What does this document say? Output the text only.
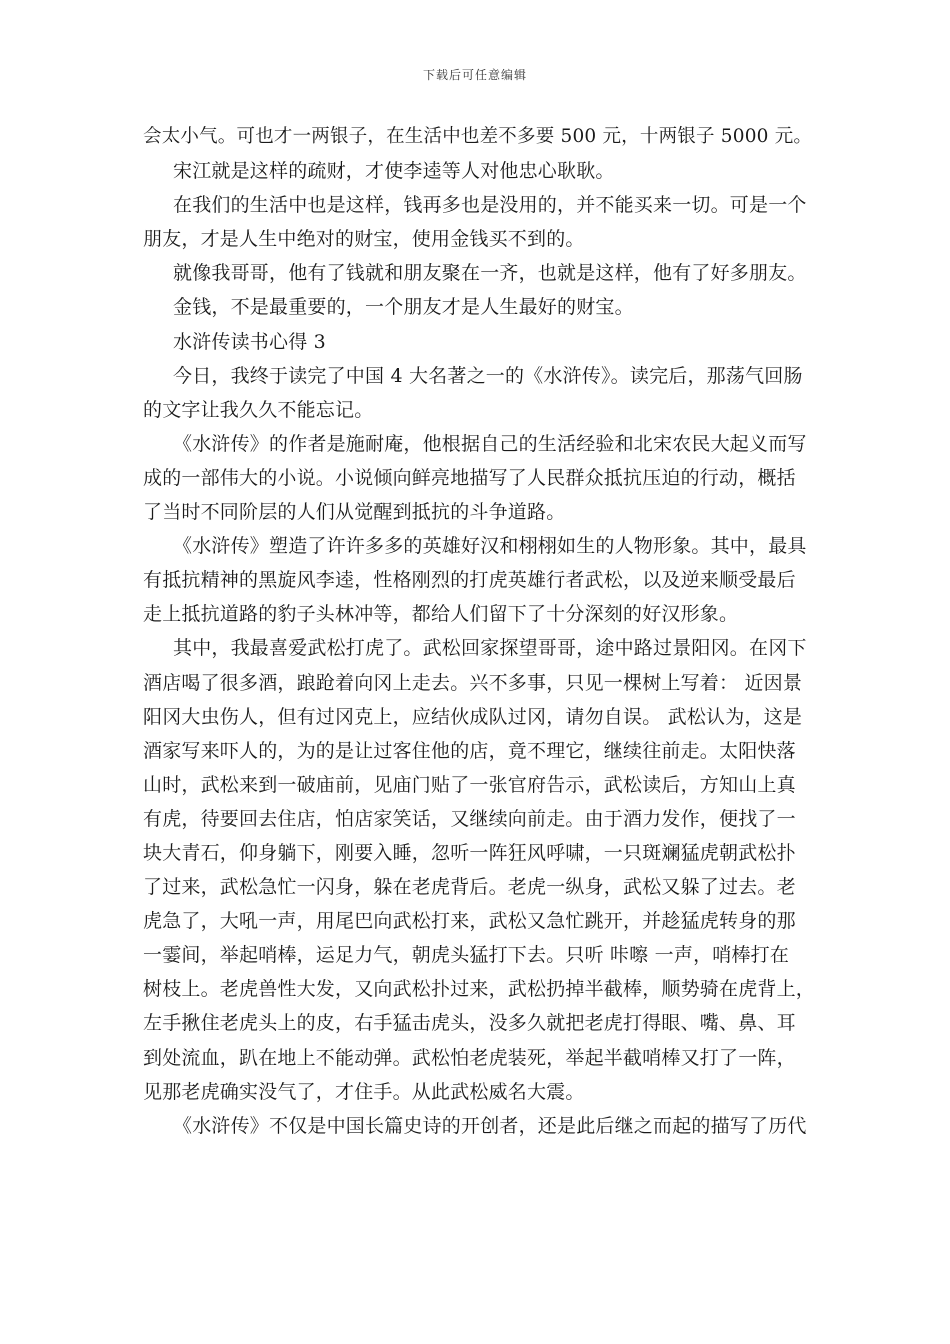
下载后可任意编辑
会太小气。可也才一两银子，在生活中也差不多要 500 元，十两银子 5000 元。
宋江就是这样的疏财，才使李逵等人对他忠心耿耿。
在我们的生活中也是这样，钱再多也是没用的，并不能买来一切。可是一个
朋友，才是人生中绝对的财宝，使用金钱买不到的。
就像我哥哥，他有了钱就和朋友聚在一齐，也就是这样，他有了好多朋友。
金钱，不是最重要的，一个朋友才是人生最好的财宝。
水浒传读书心得 3
今日，我终于读完了中国 4 大名著之一的《水浒传》。读完后，那荡气回肠
的文字让我久久不能忘记。
《水浒传》的作者是施耐庵，他根据自己的生活经验和北宋农民大起义而写
成的一部伟大的小说。小说倾向鲜亮地描写了人民群众抵抗压迫的行动，概括
了当时不同阶层的人们从觉醒到抵抗的斗争道路。
《水浒传》塑造了许许多多的英雄好汉和栩栩如生的人物形象。其中，最具
有抵抗精神的黑旋风李逵，性格刚烈的打虎英雄行者武松，以及逆来顺受最后
走上抵抗道路的豹子头林冲等，都给人们留下了十分深刻的好汉形象。
其中，我最喜爱武松打虎了。武松回家探望哥哥，途中路过景阳冈。在冈下
酒店喝了很多酒，踉跄着向冈上走去。兴不多事，只见一棵树上写着： 近因景
阳冈大虫伤人，但有过冈克上，应结伙成队过冈，请勿自误。 武松认为，这是
酒家写来吓人的，为的是让过客住他的店，竟不理它，继续往前走。太阳快落
山时，武松来到一破庙前，见庙门贴了一张官府告示，武松读后，方知山上真
有虎，待要回去住店，怕店家笑话，又继续向前走。由于酒力发作，便找了一
块大青石，仰身躺下，刚要入睡，忽听一阵狂风呼啸，一只斑斓猛虎朝武松扑
了过来，武松急忙一闪身，躲在老虎背后。老虎一纵身，武松又躲了过去。老
虎急了，大吼一声，用尾巴向武松打来，武松又急忙跳开，并趁猛虎转身的那
一霎间，举起哨棒，运足力气，朝虎头猛打下去。只听 咔嚓 一声，哨棒打在
树枝上。老虎兽性大发，又向武松扑过来，武松扔掉半截棒，顺势骑在虎背上，
左手揪住老虎头上的皮，右手猛击虎头，没多久就把老虎打得眼、嘴、鼻、耳
到处流血，趴在地上不能动弹。武松怕老虎装死，举起半截哨棒又打了一阵，
见那老虎确实没气了，才住手。从此武松威名大震。
《水浒传》不仅是中国长篇史诗的开创者，还是此后继之而起的描写了历代
